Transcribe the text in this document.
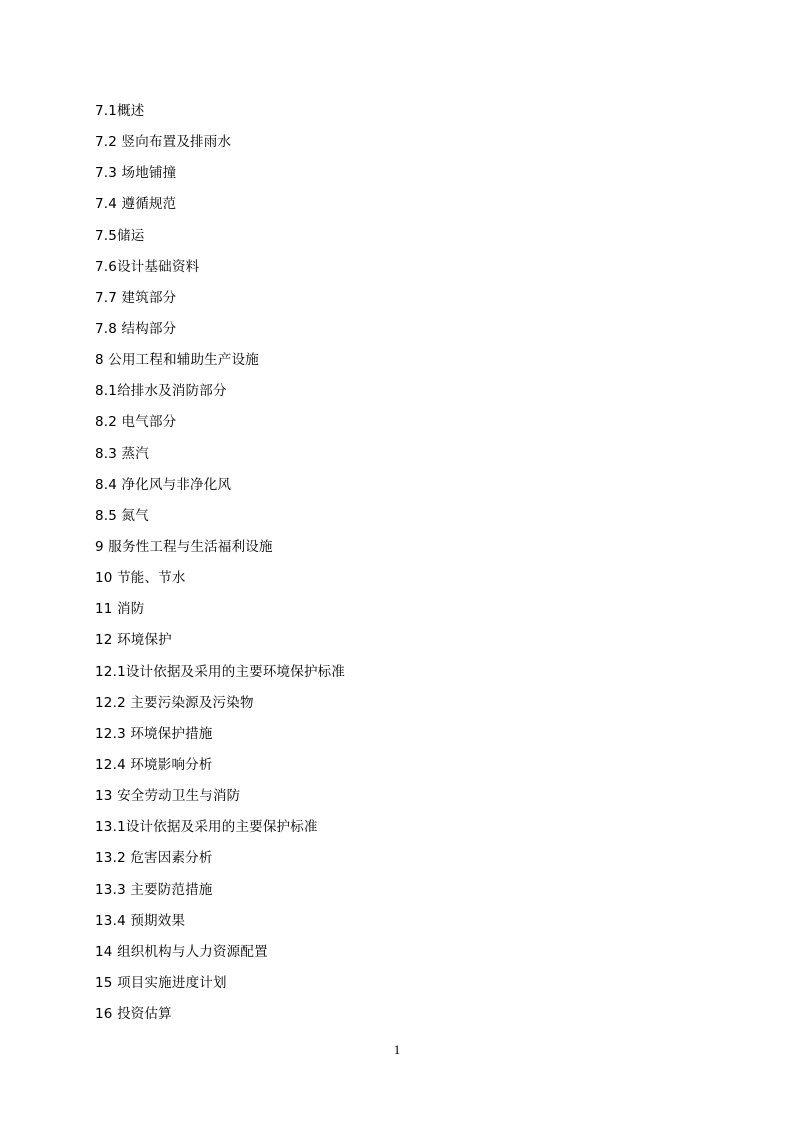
7.1概述
7.2 竖向布置及排雨水
7.3 场地铺撞
7.4 遵循规范
7.5储运
7.6设计基础资料
7.7 建筑部分
7.8 结构部分
8 公用工程和辅助生产设施
8.1给排水及消防部分
8.2 电气部分
8.3 蒸汽
8.4 净化风与非净化风
8.5 氮气
9 服务性工程与生活福利设施
10 节能、节水
11 消防
12 环境保护
12.1设计依据及采用的主要环境保护标准
12.2 主要污染源及污染物
12.3 环境保护措施
12.4 环境影响分析
13 安全劳动卫生与消防
13.1设计依据及采用的主要保护标准
13.2 危害因素分析
13.3 主要防范措施
13.4 预期效果
14 组织机构与人力资源配置
15 项目实施进度计划
16 投资估算
1
